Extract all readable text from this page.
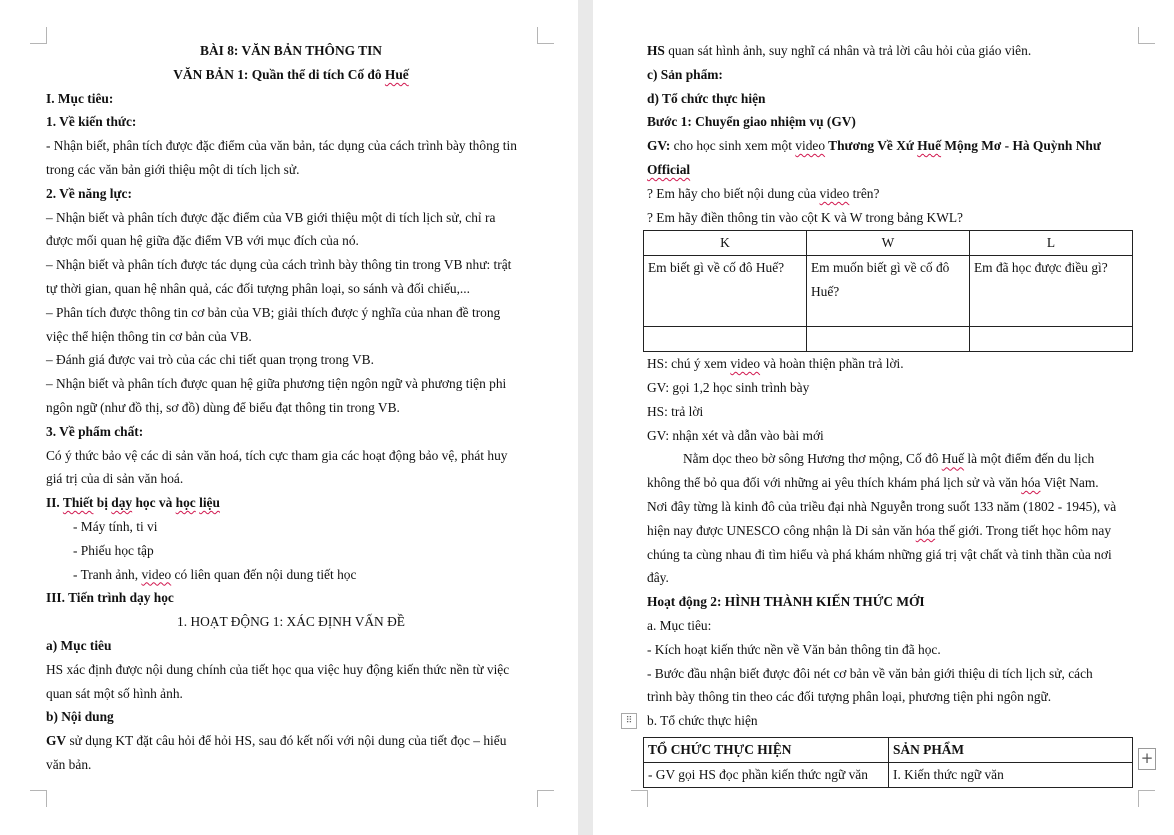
BÀI 8: VĂN BẢN THÔNG TIN

VĂN BẢN 1: Quần thể di tích Cố đô Huế

I. Mục tiêu:

1. Về kiến thức:

- Nhận biết, phân tích được đặc điểm của văn bản, tác dụng của cách trình bày thông tin

trong các văn bản giới thiệu một di tích lịch sử.

2. Về năng lực:

– Nhận biết và phân tích được đặc điểm của VB giới thiệu một di tích lịch sử, chỉ ra

được mối quan hệ giữa đặc điểm VB với mục đích của nó.

– Nhận biết và phân tích được tác dụng của cách trình bày thông tin trong VB như: trật

tự thời gian, quan hệ nhân quả, các đối tượng phân loại, so sánh và đối chiếu,...

– Phân tích được thông tin cơ bản của VB; giải thích được ý nghĩa của nhan đề trong

việc thể hiện thông tin cơ bản của VB.

– Đánh giá được vai trò của các chi tiết quan trọng trong VB.

– Nhận biết và phân tích được quan hệ giữa phương tiện ngôn ngữ và phương tiện phi

ngôn ngữ (như đồ thị, sơ đồ) dùng để biểu đạt thông tin trong VB.

3. Về phẩm chất:

Có ý thức bảo vệ các di sản văn hoá, tích cực tham gia các hoạt động bảo vệ, phát huy

giá trị của di sản văn hoá.

II. Thiết bị dạy học và học liệu

- Máy tính, ti vi

- Phiếu học tập

- Tranh ảnh, video có liên quan đến nội dung tiết học

III. Tiến trình dạy học

1. HOẠT ĐỘNG 1: XÁC ĐỊNH VẤN ĐỀ

a) Mục tiêu

HS xác định được nội dung chính của tiết học qua việc huy động kiến thức nền từ việc

quan sát một số hình ảnh.

b) Nội dung

GV sử dụng KT đặt câu hỏi để hỏi HS, sau đó kết nối với nội dung của tiết đọc – hiểu

văn bản.

HS quan sát hình ảnh, suy nghĩ cá nhân và trả lời câu hỏi của giáo viên.

c) Sản phẩm:

d) Tổ chức thực hiện

Bước 1: Chuyển giao nhiệm vụ (GV)

GV: cho học sinh xem một video Thương Về Xứ Huế Mộng Mơ - Hà Quỳnh Như

Official

? Em hãy cho biết nội dung của video trên?

? Em hãy điền thông tin vào cột K và W trong bảng KWL?

K	W	L
Em biết gì về cố đô Huế?	Em muốn biết gì về cố đô Huế?	Em đã học được điều gì?

HS: chú ý xem video và hoàn thiện phần trả lời.

GV: gọi 1,2 học sinh trình bày

HS: trả lời

GV: nhận xét và dẫn vào bài mới

Nằm dọc theo bờ sông Hương thơ mộng, Cố đô Huế là một điểm đến du lịch

không thể bỏ qua đối với những ai yêu thích khám phá lịch sử và văn hóa Việt Nam.

Nơi đây từng là kinh đô của triều đại nhà Nguyễn trong suốt 133 năm (1802 - 1945), và

hiện nay được UNESCO công nhận là Di sản văn hóa thế giới. Trong tiết học hôm nay

chúng ta cùng nhau đi tìm hiểu và phá khám những giá trị vật chất và tinh thần của nơi

đây.

Hoạt động 2: HÌNH THÀNH KIẾN THỨC MỚI

a. Mục tiêu:

- Kích hoạt kiến thức nền về Văn bản thông tin đã học.

- Bước đầu nhận biết được đôi nét cơ bản về văn bản giới thiệu di tích lịch sử, cách

trình bày thông tin theo các đối tượng phân loại, phương tiện phi ngôn ngữ.

b. Tổ chức thực hiện

TỔ CHỨC THỰC HIỆN	SẢN PHẨM
- GV gọi HS đọc phần kiến thức ngữ văn	I. Kiến thức ngữ văn
⠿
+
